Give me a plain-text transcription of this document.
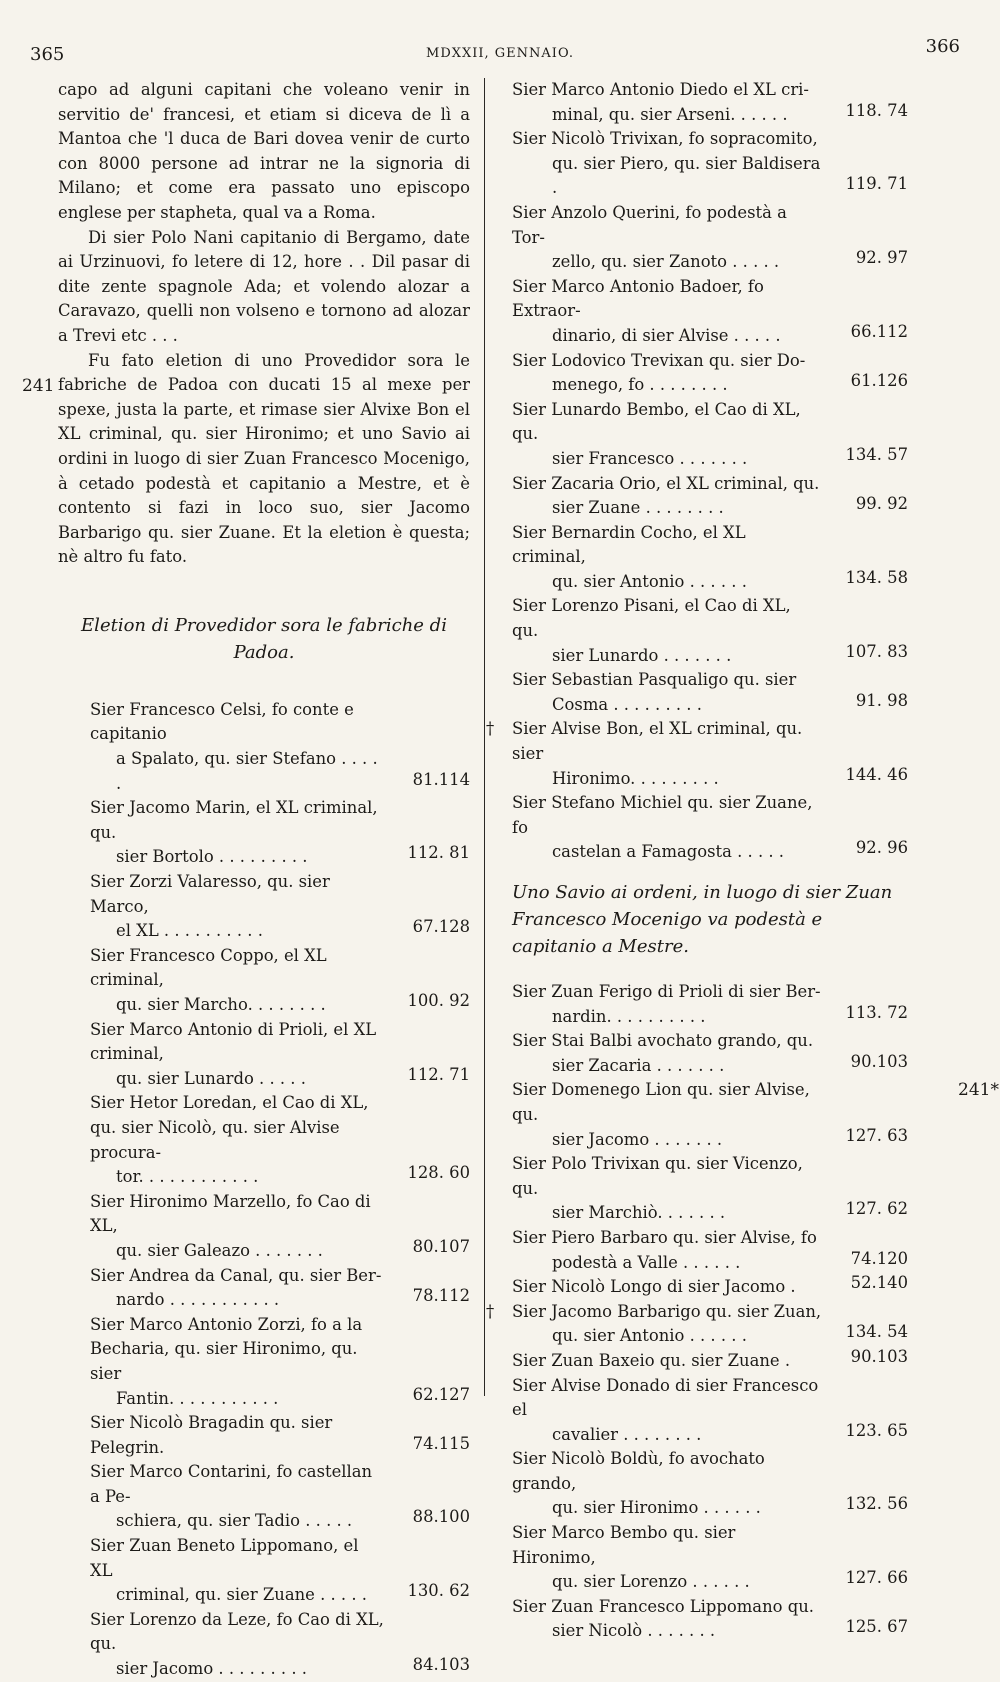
365	MDXXII, GENNAIO.	366
241
241*

capo ad alguni capitani che voleano venir in servitio de' francesi, et etiam si diceva de lì a Mantoa che 'l duca de Bari dovea venir de curto con 8000 persone ad intrar ne la signoria di Milano; et come era passato uno episcopo englese per stapheta, qual va a Roma.

Di sier Polo Nani capitanio di Bergamo, date ai Urzinuovi, fo letere di 12, hore . . Dil pasar di dite zente spagnole Ada; et volendo alozar a Caravazo, quelli non volseno e tornono ad alozar a Trevi etc . . .

Fu fato eletion di uno Provedidor sora le fabriche de Padoa con ducati 15 al mexe per spexe, justa la parte, et rimase sier Alvixe Bon el XL criminal, qu. sier Hironimo; et uno Savio ai ordini in luogo di sier Zuan Francesco Mocenigo, à cetado podestà et capitanio a Mestre, et è contento si fazi in loco suo, sier Jacomo Barbarigo qu. sier Zuane. Et la eletion è questa; nè altro fu fato.

Eletion di Provedidor sora le fabriche di Padoa.
Sier Francesco Celsi, fo conte e capitanio
a Spalato, qu. sier Stefano . . . . .	81.114
Sier Jacomo Marin, el XL criminal, qu.
sier Bortolo . . . . . . . . .	112. 81
Sier Zorzi Valaresso, qu. sier Marco,
el XL . . . . . . . . . .	67.128
Sier Francesco Coppo, el XL criminal,
qu. sier Marcho. . . . . . . .	100. 92
Sier Marco Antonio di Prioli, el XL criminal,
qu. sier Lunardo . . . . .	112. 71
Sier Hetor Loredan, el Cao di XL, qu. sier Nicolò, qu. sier Alvise procura-
tor. . . . . . . . . . . .	128. 60
Sier Hironimo Marzello, fo Cao di XL,
qu. sier Galeazo . . . . . . .	80.107
Sier Andrea da Canal, qu. sier Ber-
nardo . . . . . . . . . . .	78.112
Sier Marco Antonio Zorzi, fo a la Becharia, qu. sier Hironimo, qu. sier
Fantin. . . . . . . . . . .	62.127
Sier Nicolò Bragadin qu. sier Pelegrin.	74.115
Sier Marco Contarini, fo castellan a Pe-
schiera, qu. sier Tadio . . . . .	88.100
Sier Zuan Beneto Lippomano, el XL
criminal, qu. sier Zuane . . . . .	130. 62
Sier Lorenzo da Leze, fo Cao di XL, qu.
sier Jacomo . . . . . . . . .	84.103
Sier Marco Antonio Diedo el XL cri-
minal, qu. sier Arseni. . . . . .	118. 74
Sier Nicolò Trivixan, fo sopracomito,
qu. sier Piero, qu. sier Baldisera .	119. 71
Sier Anzolo Querini, fo podestà a Tor-
zello, qu. sier Zanoto . . . . .	92. 97
Sier Marco Antonio Badoer, fo Extraor-
dinario, di sier Alvise . . . . .	66.112
Sier Lodovico Trevixan qu. sier Do-
menego, fo . . . . . . . .	61.126
Sier Lunardo Bembo, el Cao di XL, qu.
sier Francesco . . . . . . .	134. 57
Sier Zacaria Orio, el XL criminal, qu.
sier Zuane . . . . . . . .	99. 92
Sier Bernardin Cocho, el XL criminal,
qu. sier Antonio . . . . . .	134. 58
Sier Lorenzo Pisani, el Cao di XL, qu.
sier Lunardo . . . . . . .	107. 83
Sier Sebastian Pasqualigo qu. sier
Cosma . . . . . . . . .	91. 98
† Sier Alvise Bon, el XL criminal, qu. sier
Hironimo. . . . . . . . .	144. 46
Sier Stefano Michiel qu. sier Zuane, fo
castelan a Famagosta . . . . .	92. 96
Uno Savio ai ordeni, in luogo di sier Zuan Francesco Mocenigo va podestà e capitanio a Mestre.
Sier Zuan Ferigo di Prioli di sier Ber-
nardin. . . . . . . . . .	113. 72
Sier Stai Balbi avochato grando, qu.
sier Zacaria . . . . . . .	90.103
Sier Domenego Lion qu. sier Alvise, qu.
sier Jacomo . . . . . . .	127. 63
Sier Polo Trivixan qu. sier Vicenzo, qu.
sier Marchiò. . . . . . .	127. 62
Sier Piero Barbaro qu. sier Alvise, fo
podestà a Valle . . . . . .	74.120
Sier Nicolò Longo di sier Jacomo .	52.140
† Sier Jacomo Barbarigo qu. sier Zuan,
qu. sier Antonio . . . . . .	134. 54
Sier Zuan Baxeio qu. sier Zuane .	90.103
Sier Alvise Donado di sier Francesco el
cavalier . . . . . . . .	123. 65
Sier Nicolò Boldù, fo avochato grando,
qu. sier Hironimo . . . . . .	132. 56
Sier Marco Bembo qu. sier Hironimo,
qu. sier Lorenzo . . . . . .	127. 66
Sier Zuan Francesco Lippomano qu.
sier Nicolò . . . . . . .	125. 67
